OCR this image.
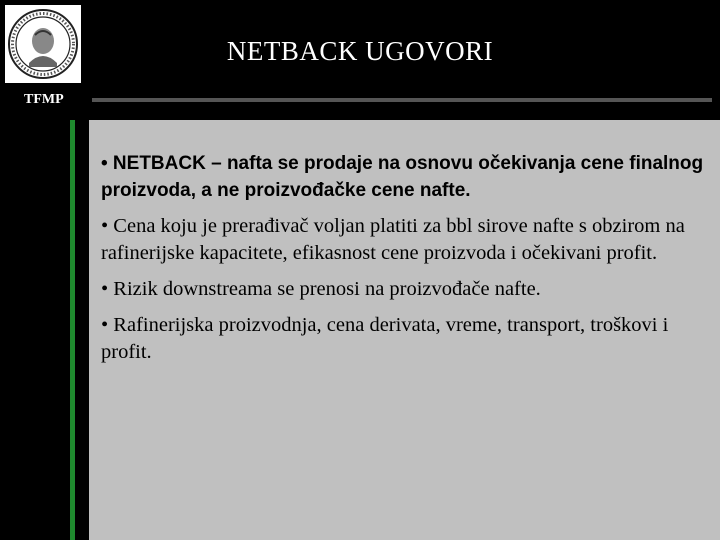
NETBACK UGOVORI
TFMP
• NETBACK – nafta se prodaje na osnovu očekivanja cene finalnog proizvoda, a ne proizvođačke cene nafte.
• Cena koju je prerađivač voljan platiti za bbl sirove nafte s obzirom na rafinerijske kapacitete, efikasnost cene proizvoda i očekivani profit.
• Rizik downstreama se prenosi na proizvođače nafte.
• Rafinerijska proizvodnja, cena derivata, vreme, transport, troškovi i profit.
